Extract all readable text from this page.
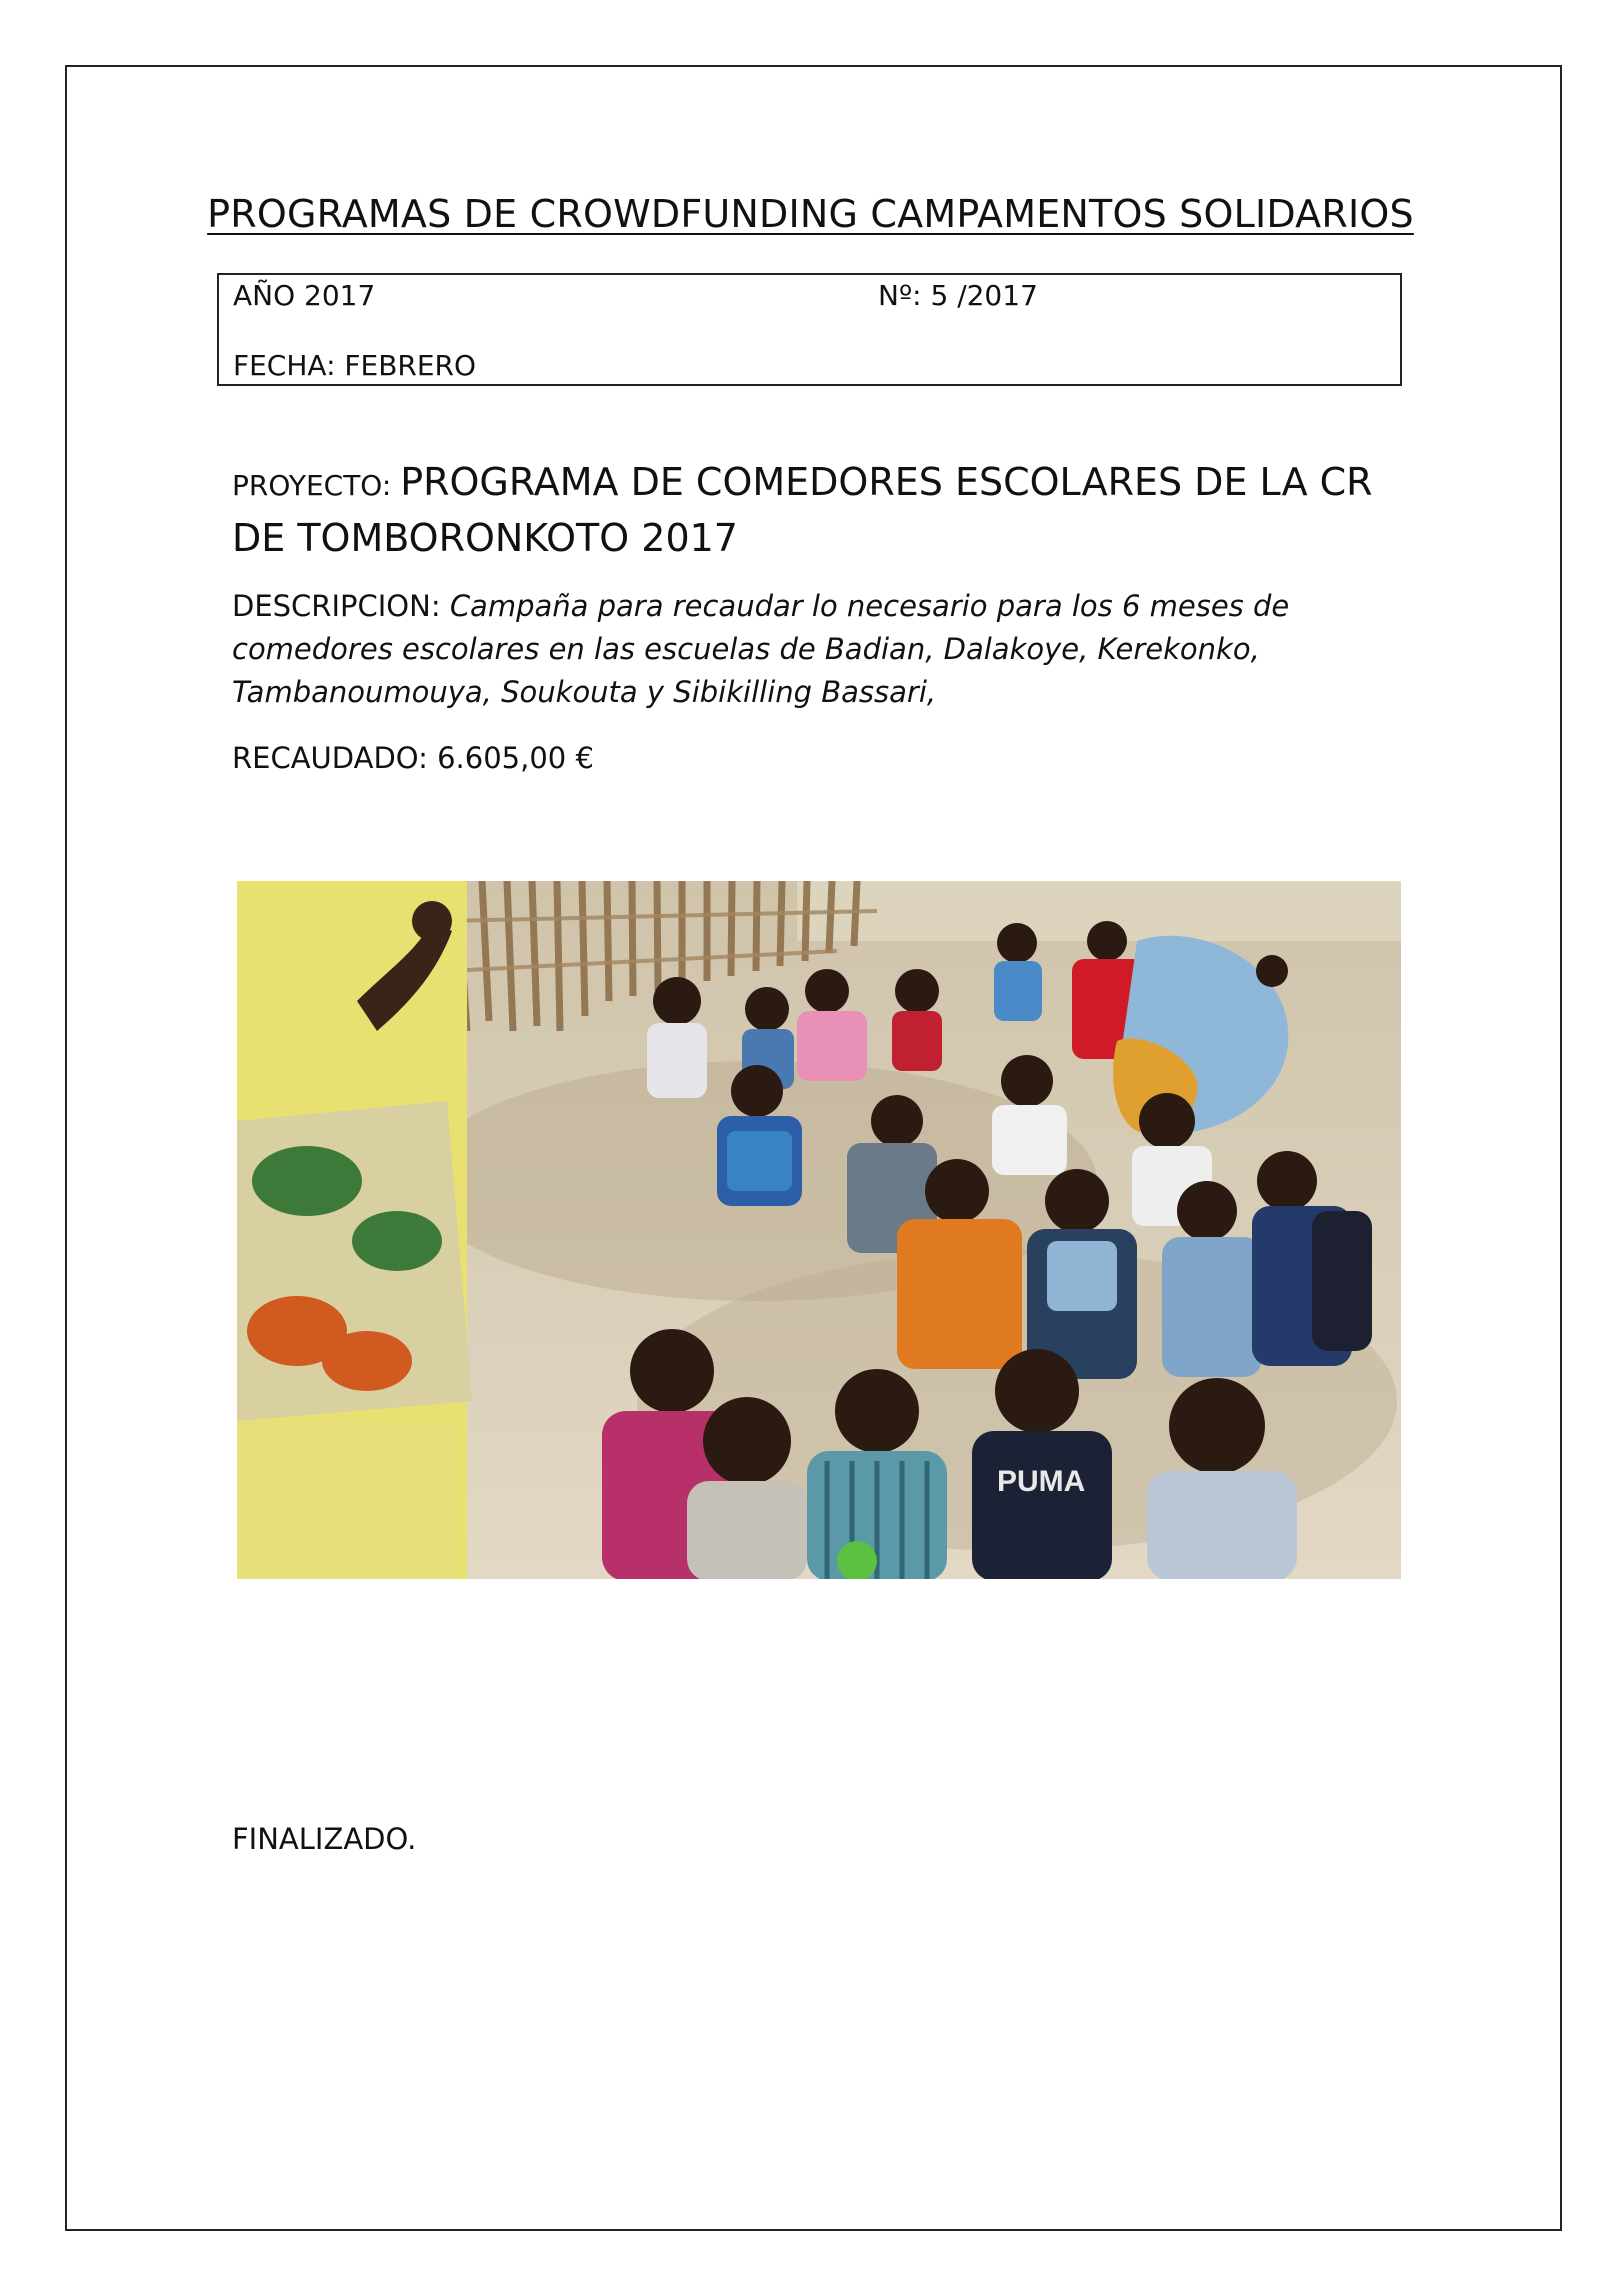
PROGRAMAS DE CROWDFUNDING CAMPAMENTOS SOLIDARIOS
AÑO 2017	Nº: 5 /2017
FECHA: FEBRERO
PROYECTO: PROGRAMA DE COMEDORES ESCOLARES DE LA CR DE TOMBORONKOTO 2017
DESCRIPCION: Campaña para recaudar lo necesario para los 6 meses de comedores escolares en las escuelas de Badian, Dalakoye, Kerekonko, Tambanoumouya, Soukouta y Sibikilling Bassari,
RECAUDADO: 6.605,00 €
PUMA
FINALIZADO.
